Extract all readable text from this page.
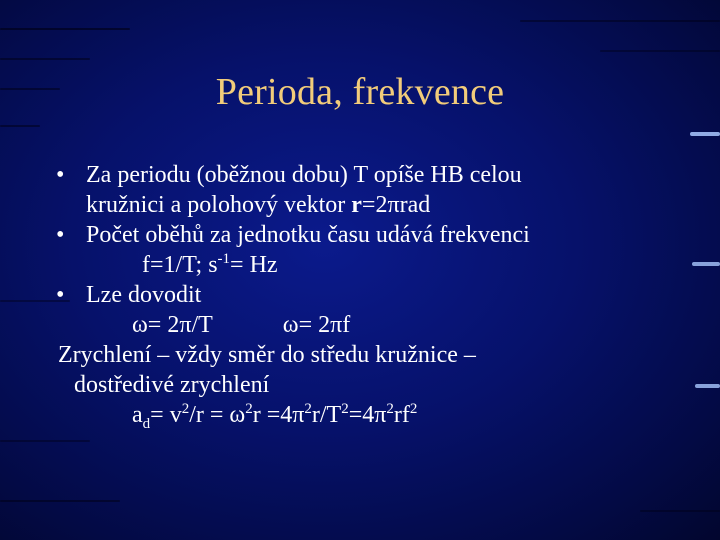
Perioda, frekvence
• Za periodu (oběžnou dobu) T opíše HB celou
kružnici a polohový vektor r=2πrad
• Počet oběhů za jednotku času udává frekvenci
f=1/T; $s^{-1}= Hz$
• Lze dovodit
ω= 2π/T	ω= 2πf
Zrychlení – vždy směr do středu kružnice –
dostředivé zrychlení
$a_d= v^2/r = \omega^2r =4\pi^2r/T^2=4\pi^2rf^2$
